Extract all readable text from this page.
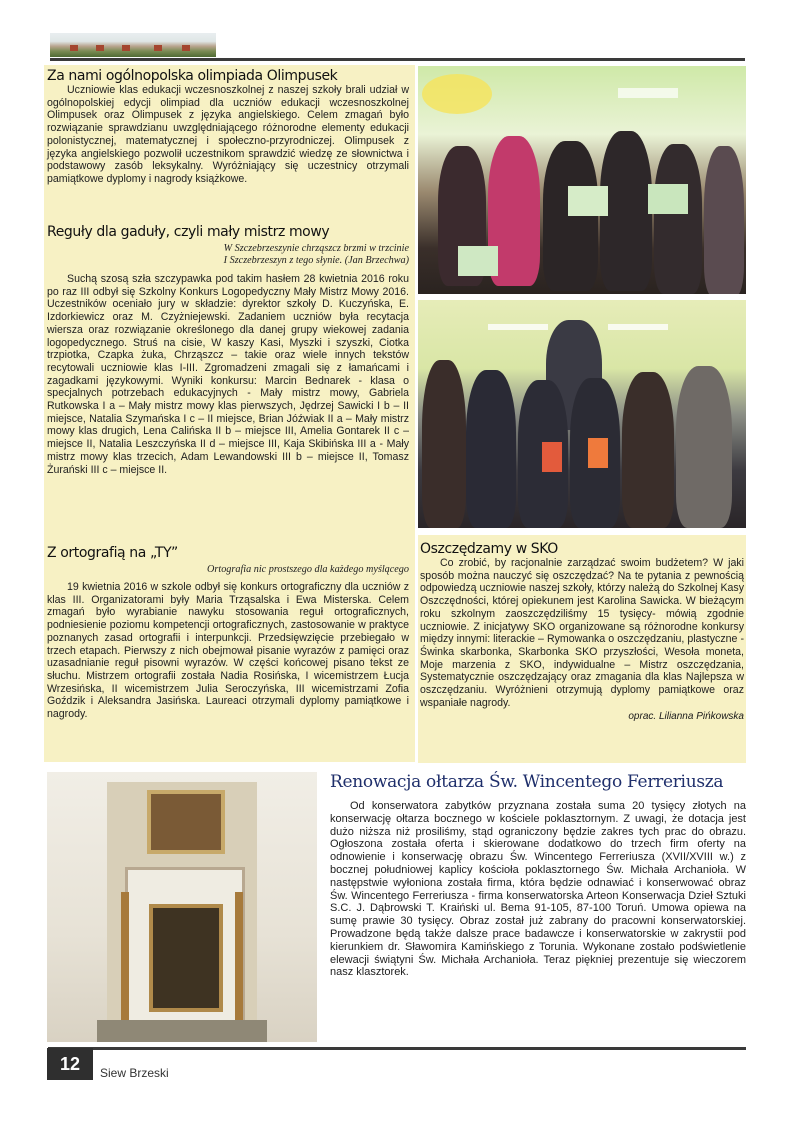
Za nami ogólnopolska olimpiada Olimpusek

Uczniowie klas edukacji wczesnoszkolnej z naszej szkoły brali udział w ogólnopolskiej edycji olimpiad dla uczniów edukacji wczesnoszkolnej Olimpusek oraz Olimpusek z języka angielskiego. Celem zmagań było rozwiązanie sprawdzianu uwzględniającego różnorodne elementy edukacji polonistycznej, matematycznej i społeczno-przyrodniczej. Olimpusek z języka angielskiego pozwolił uczestnikom sprawdzić wiedzę ze słownictwa i podstawowy zasób leksykalny. Wyróżniający się uczestnicy otrzymali pamiątkowe dyplomy i nagrody książkowe.

Reguły dla gaduły, czyli mały mistrz mowy

W Szczebrzeszynie chrząszcz brzmi w trzcinie

I Szczebrzeszyn z tego słynie. (Jan Brzechwa)

Suchą szosą szła szczypawka pod takim hasłem 28 kwietnia 2016 roku po raz III odbył się Szkolny Konkurs Logopedyczny Mały Mistrz Mowy 2016. Uczestników oceniało jury w składzie: dyrektor szkoły D. Kuczyńska, E. Izdorkiewicz oraz M. Czyżniejewski. Zadaniem uczniów była recytacja wiersza oraz rozwiązanie określonego dla danej grupy wiekowej zadania logopedycznego. Struś na cisie, W kaszy Kasi, Myszki i szyszki, Ciotka trzpiotka, Czapka żuka, Chrząszcz – takie oraz wiele innych tekstów recytowali uczniowie klas I-III. Zgromadzeni zmagali się z łamańcami i zagadkami językowymi. Wyniki konkursu: Marcin Bednarek - klasa o specjalnych potrzebach edukacyjnych - Mały mistrz mowy, Gabriela Rutkowska I a – Mały mistrz mowy klas pierwszych, Jędrzej Sawicki I b – II miejsce, Natalia Szymańska I c – II miejsce, Brian Jóźwiak II a – Mały mistrz mowy klas drugich, Lena Calińska II b – miejsce III, Amelia Gontarek II c – miejsce II, Natalia Leszczyńska II d – miejsce III, Kaja Skibińska III a - Mały mistrz mowy klas trzecich, Adam Lewandowski III b – miejsce II, Tomasz Żurański III c – miejsce II.

Z ortografią na „TY”

Ortografia nic prostszego dla każdego myślącego

19 kwietnia 2016 w szkole odbył się konkurs ortograficzny dla uczniów z klas III. Organizatorami były Maria Trząsalska i Ewa Misterska. Celem zmagań było wyrabianie nawyku stosowania reguł ortograficznych, podniesienie poziomu kompetencji ortograficznych, zastosowanie w praktyce poznanych zasad ortografii i interpunkcji. Przedsięwzięcie przebiegało w trzech etapach. Pierwszy z nich obejmował pisanie wyrazów z pamięci oraz uzasadnianie reguł pisowni wyrazów. W części końcowej pisano tekst ze słuchu. Mistrzem ortografii została Nadia Rosińska, I wicemistrzem Łucja Wrzesińska, II wicemistrzem Julia Seroczyńska, III wicemistrzami Zofia Goździk i Aleksandra Jasińska. Laureaci otrzymali dyplomy pamiątkowe i nagrody.

Oszczędzamy w SKO

Co zrobić, by racjonalnie zarządzać swoim budżetem? W jaki sposób można nauczyć się oszczędzać? Na te pytania z pewnością odpowiedzą uczniowie naszej szkoły, którzy należą do Szkolnej Kasy Oszczędności, której opiekunem jest Karolina Sawicka. W bieżącym roku szkolnym zaoszczędziliśmy 15 tysięcy- mówią zgodnie uczniowie. Z inicjatywy SKO organizowane są różnorodne konkursy między innymi: literackie – Rymowanka o oszczędzaniu, plastyczne - Świnka skarbonka, Skarbonka SKO przyszłości, Wesoła moneta, Moje marzenia z SKO, indywidualne – Mistrz oszczędzania, Systematycznie oszczędzający oraz zmagania dla klas Najlepsza w oszczędzaniu. Wyróżnieni otrzymują dyplomy pamiątkowe oraz wspaniałe nagrody.

oprac. Lilianna Pińkowska

Renowacja ołtarza Św. Wincentego Ferreriusza

Od konserwatora zabytków przyznana została suma 20 tysięcy złotych na konserwację ołtarza bocznego w kościele poklasztornym. Z uwagi, że dotacja jest dużo niższa niż prosiliśmy, stąd ograniczony będzie zakres tych prac do obrazu. Ogłoszona została oferta i skierowane dodatkowo do trzech firm oferty na odnowienie i konserwację obrazu Św. Wincentego Ferreriusza (XVII/XVIII w.) z bocznej południowej kaplicy kościoła poklasztornego Św. Michała Archanioła. W następstwie wyłoniona została firma, która będzie odnawiać i konserwować obraz Św. Wincentego Ferreriusza - firma konserwatorska Arteon Konserwacja Dzieł Sztuki S.C. J. Dąbrowski T. Kraiński ul. Bema 91-105, 87-100 Toruń. Umowa opiewa na sumę prawie 30 tysięcy. Obraz został już zabrany do pracowni konserwatorskiej. Prowadzone będą także dalsze prace badawcze i konserwatorskie w zakrystii pod kierunkiem dr. Sławomira Kamińskiego z Torunia. Wykonane zostało podświetlenie elewacji świątyni Św. Michała Archanioła. Teraz piękniej prezentuje się wieczorem nasz klasztorek.

12	Siew Brzeski
